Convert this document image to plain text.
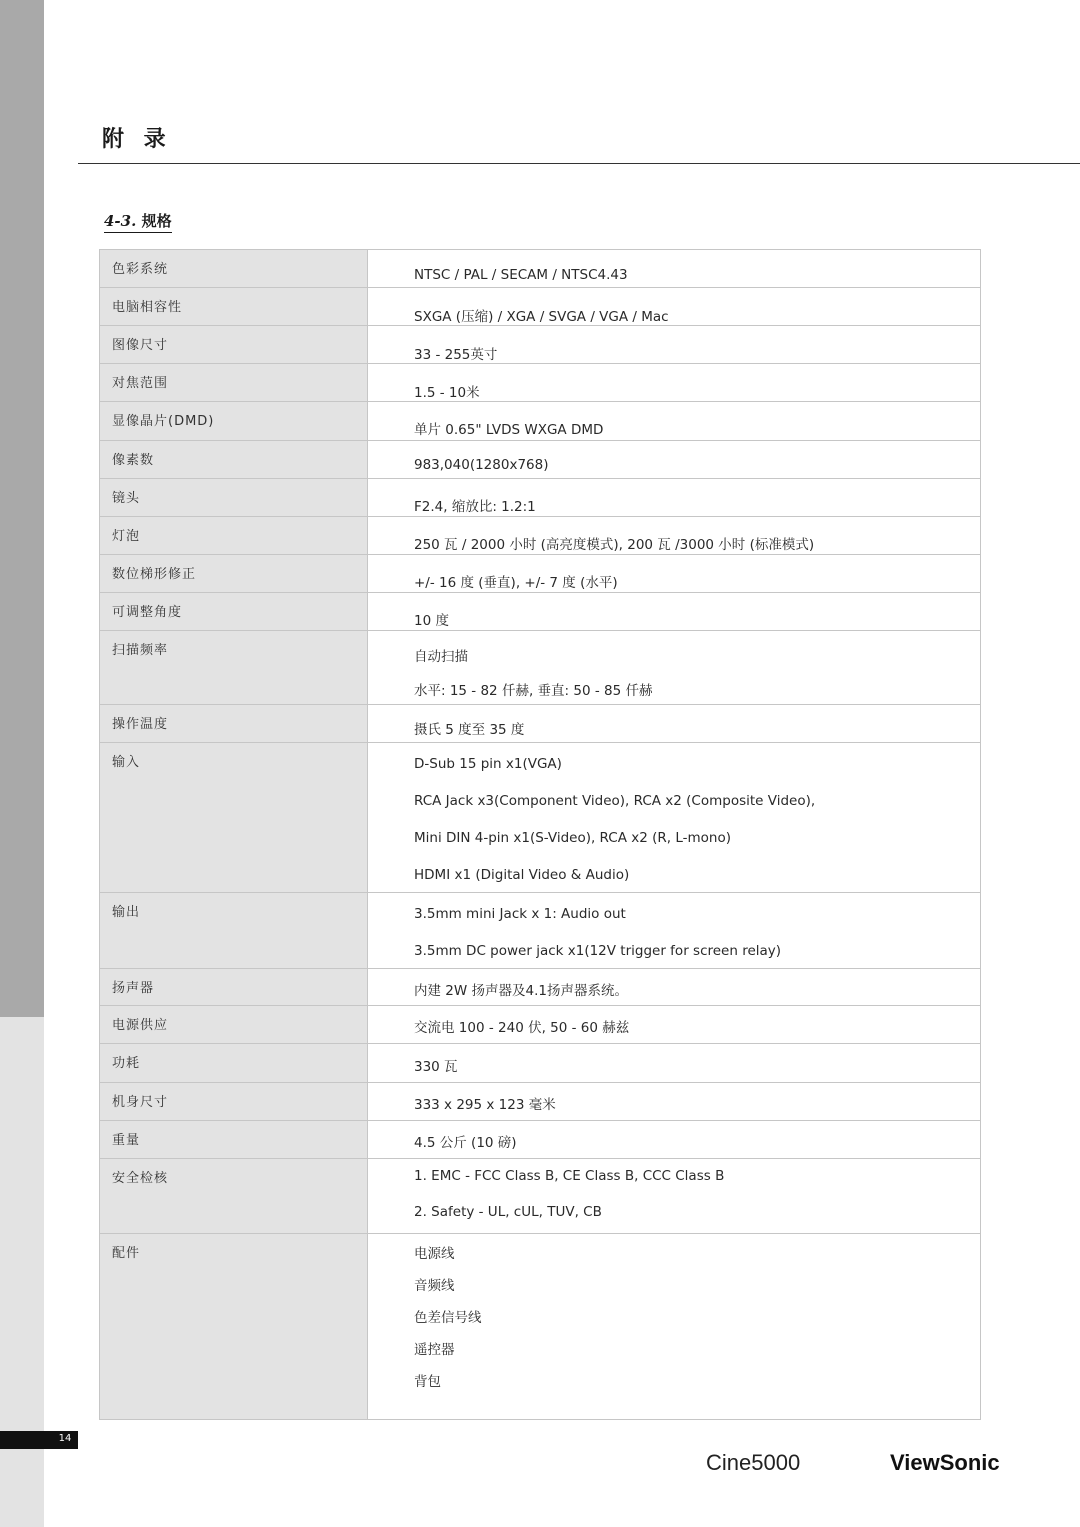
附 录
4-3. 规格
色彩系统	NTSC / PAL / SECAM / NTSC4.43

电脑相容性	SXGA (压缩) / XGA / SVGA / VGA / Mac

图像尺寸	33 - 255英寸

对焦范围	1.5 - 10米

显像晶片(DMD)	单片 0.65" LVDS WXGA DMD

像素数	983,040(1280x768)

镜头	F2.4, 缩放比: 1.2:1

灯泡	250 瓦 / 2000 小时 (高亮度模式), 200 瓦 /3000 小时 (标准模式)

数位梯形修正	+/- 16 度 (垂直), +/- 7 度 (水平)

可调整角度	10 度

扫描频率	自动扫描
水平: 15 - 82 仟赫, 垂直: 50 - 85 仟赫

操作温度	摄氏 5 度至 35 度

输入	D-Sub 15 pin x1(VGA)
RCA Jack x3(Component Video), RCA x2 (Composite Video),
Mini DIN 4-pin x1(S-Video), RCA x2 (R, L-mono)
HDMI x1 (Digital Video & Audio)

输出	3.5mm mini Jack x 1: Audio out
3.5mm DC power jack x1(12V trigger for screen relay)

扬声器	内建 2W 扬声器及4.1扬声器系统。

电源供应	交流电 100 - 240 伏, 50 - 60 赫兹

功耗	330 瓦

机身尺寸	333 x 295 x 123 毫米

重量	4.5 公斤 (10 磅)

安全检核	1. EMC - FCC Class B, CE Class B, CCC Class B
2. Safety - UL, cUL, TUV, CB

配件	电源线
音频线
色差信号线
遥控器
背包
14
Cine5000	ViewSonic
